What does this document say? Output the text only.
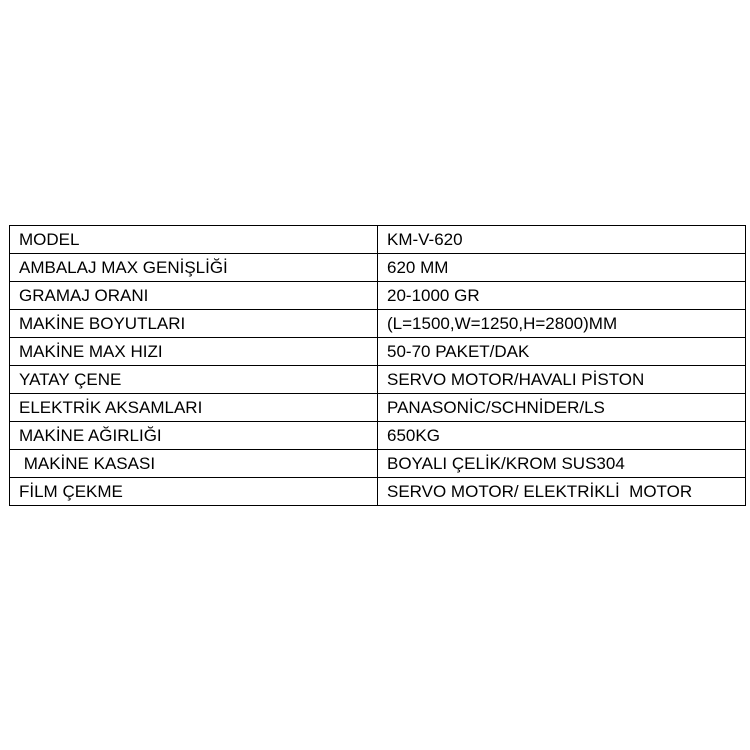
MODEL	KM-V-620
AMBALAJ MAX GENİŞLİĞİ	620 MM
GRAMAJ ORANI	20-1000 GR
MAKİNE BOYUTLARI	(L=1500,W=1250,H=2800)MM
MAKİNE MAX HIZI	50-70 PAKET/DAK
YATAY ÇENE	SERVO MOTOR/HAVALI PİSTON
ELEKTRİK AKSAMLARI	PANASONİC/SCHNİDER/LS
MAKİNE AĞIRLIĞI	650KG
MAKİNE KASASI	BOYALI ÇELİK/KROM SUS304
FİLM ÇEKME	SERVO MOTOR/ ELEKTRİKLİ  MOTOR
